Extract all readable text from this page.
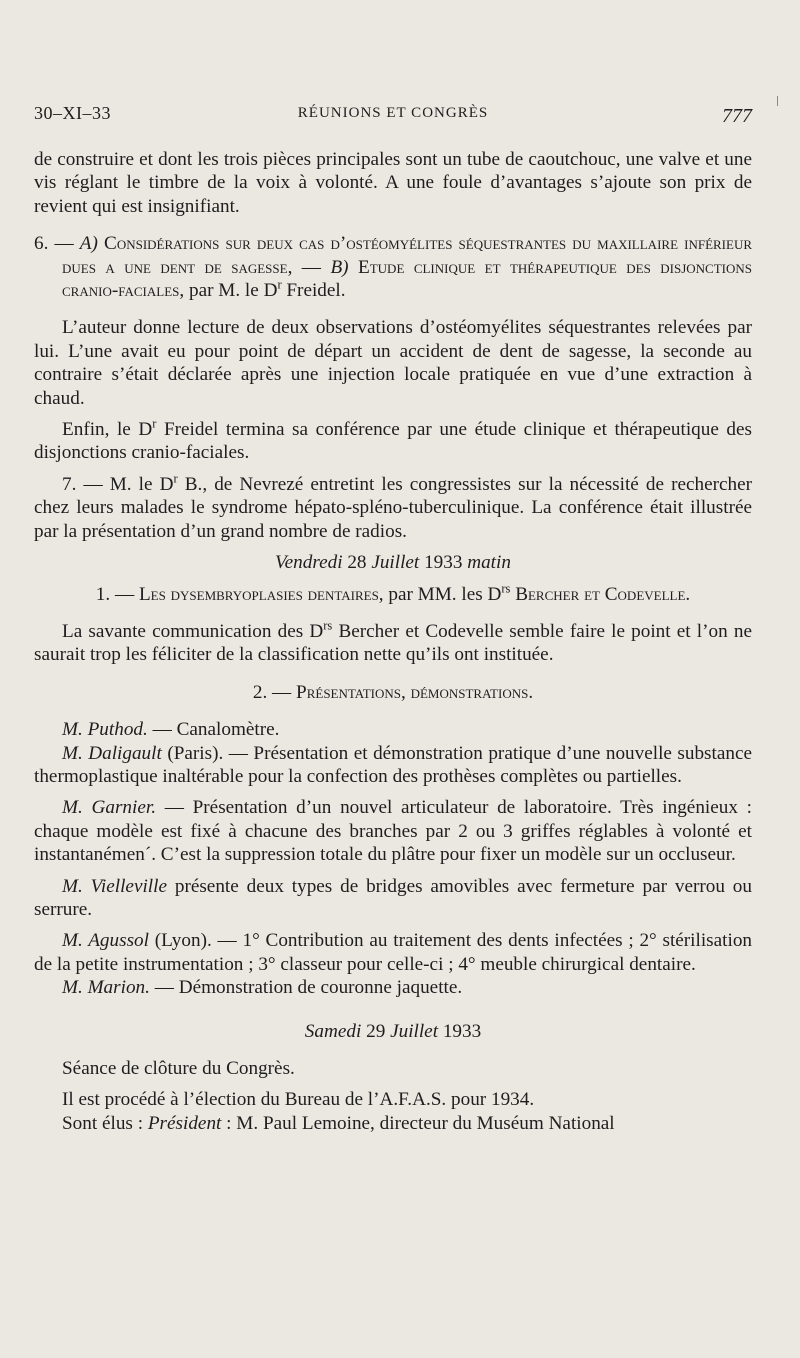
30–XI–33	RÉUNIONS ET CONGRÈS	777

de construire et dont les trois pièces principales sont un tube de caoutchouc, une valve et une vis réglant le timbre de la voix à volonté. A une foule d’avantages s’ajoute son prix de revient qui est insignifiant.

6. — A) Considérations sur deux cas d’ostéomyélites séquestrantes du maxillaire inférieur dues a une dent de sagesse, — B) Etude clinique et thérapeutique des disjonctions cranio-faciales, par M. le $D^r$ Freidel.

L’auteur donne lecture de deux observations d’ostéomyélites séquestrantes relevées par lui. L’une avait eu pour point de départ un accident de dent de sagesse, la seconde au contraire s’était déclarée après une injection locale pratiquée en vue d’une extraction à chaud.

Enfin, le $D^r$ Freidel termina sa conférence par une étude clinique et thérapeutique des disjonctions cranio-faciales.

7. — M. le $D^r$ B., de Nevrezé entretint les congressistes sur la nécessité de rechercher chez leurs malades le syndrome hépato-spléno-tuberculinique. La conférence était illustrée par la présentation d’un grand nombre de radios.

Vendredi 28 Juillet 1933 matin

1. — Les dysembryoplasies dentaires, par MM. les $D^{rs}$ Bercher et Codevelle.

La savante communication des $D^{rs}$ Bercher et Codevelle semble faire le point et l’on ne saurait trop les féliciter de la classification nette qu’ils ont instituée.

2. — Présentations, démonstrations.

M. Puthod. — Canalomètre.

M. Daligault (Paris). — Présentation et démonstration pratique d’une nouvelle substance thermoplastique inaltérable pour la confection des prothèses complètes ou partielles.

M. Garnier. — Présentation d’un nouvel articulateur de laboratoire. Très ingénieux : chaque modèle est fixé à chacune des branches par 2 ou 3 griffes réglables à volonté et instantanémen´. C’est la suppression totale du plâtre pour fixer un modèle sur un occluseur.

M. Vielleville présente deux types de bridges amovibles avec fermeture par verrou ou serrure.

M. Agussol (Lyon). — 1° Contribution au traitement des dents infectées ; 2° stérilisation de la petite instrumentation ; 3° classeur pour celle-ci ; 4° meuble chirurgical dentaire.

M. Marion. — Démonstration de couronne jaquette.

Samedi 29 Juillet 1933

Séance de clôture du Congrès.

Il est procédé à l’élection du Bureau de l’A.F.A.S. pour 1934.

Sont élus : Président : M. Paul Lemoine, directeur du Muséum National
